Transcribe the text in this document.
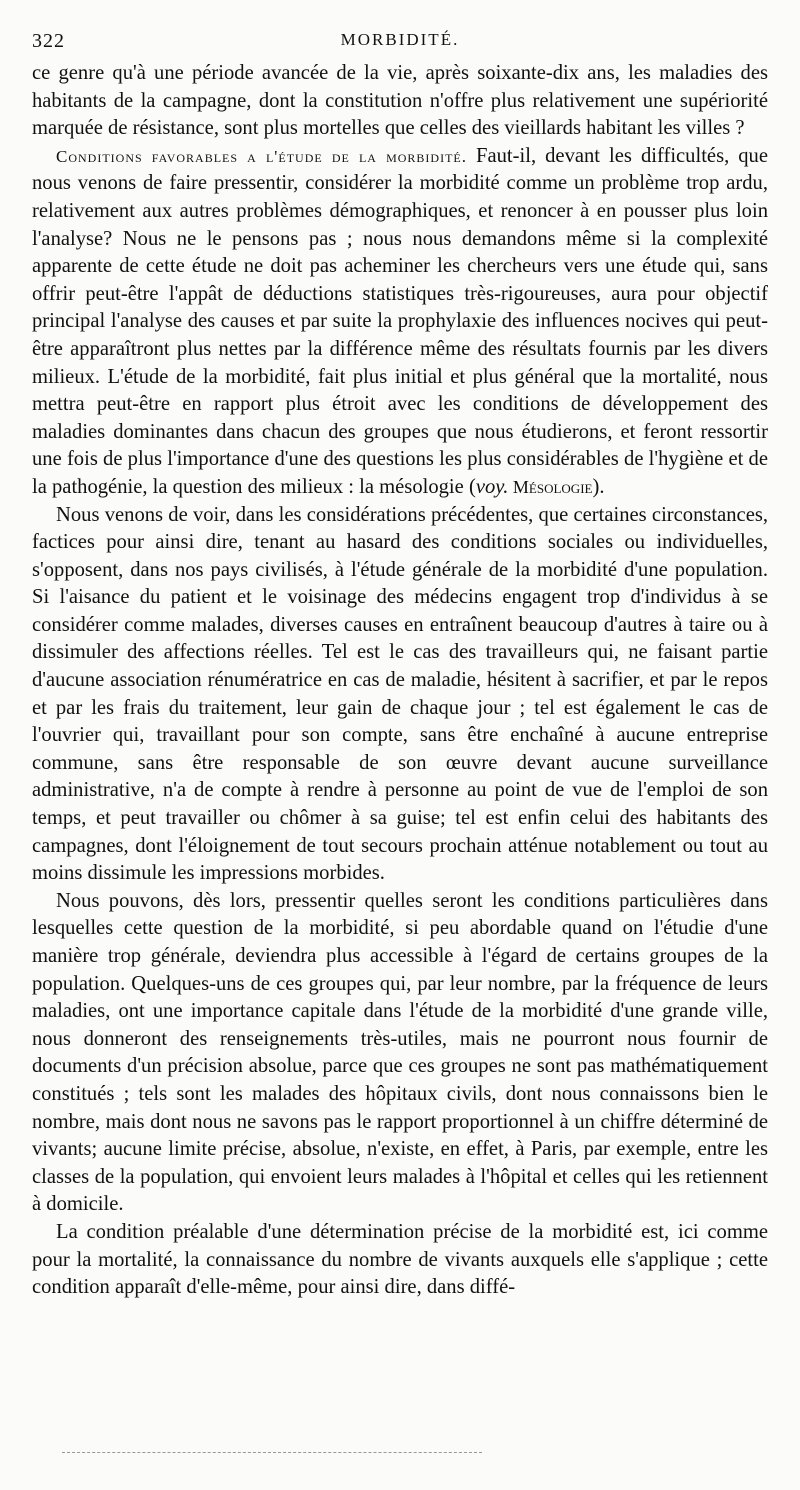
322	MORBIDITÉ.

ce genre qu'à une période avancée de la vie, après soixante-dix ans, les maladies des habitants de la campagne, dont la constitution n'offre plus relativement une supériorité marquée de résistance, sont plus mortelles que celles des vieillards habitant les villes ?

Conditions favorables a l'étude de la morbidité. Faut-il, devant les difficultés, que nous venons de faire pressentir, considérer la morbidité comme un problème trop ardu, relativement aux autres problèmes démographiques, et renoncer à en pousser plus loin l'analyse? Nous ne le pensons pas ; nous nous demandons même si la complexité apparente de cette étude ne doit pas acheminer les chercheurs vers une étude qui, sans offrir peut-être l'appât de déductions statistiques très-rigoureuses, aura pour objectif principal l'analyse des causes et par suite la prophylaxie des influences nocives qui peut-être apparaîtront plus nettes par la différence même des résultats fournis par les divers milieux. L'étude de la morbidité, fait plus initial et plus général que la mortalité, nous mettra peut-être en rapport plus étroit avec les conditions de développement des maladies dominantes dans chacun des groupes que nous étudierons, et feront ressortir une fois de plus l'importance d'une des questions les plus considérables de l'hygiène et de la pathogénie, la question des milieux : la mésologie (voy. Mésologie).

Nous venons de voir, dans les considérations précédentes, que certaines circonstances, factices pour ainsi dire, tenant au hasard des conditions sociales ou individuelles, s'opposent, dans nos pays civilisés, à l'étude générale de la morbidité d'une population. Si l'aisance du patient et le voisinage des médecins engagent trop d'individus à se considérer comme malades, diverses causes en entraînent beaucoup d'autres à taire ou à dissimuler des affections réelles. Tel est le cas des travailleurs qui, ne faisant partie d'aucune association rénumératrice en cas de maladie, hésitent à sacrifier, et par le repos et par les frais du traitement, leur gain de chaque jour ; tel est également le cas de l'ouvrier qui, travaillant pour son compte, sans être enchaîné à aucune entreprise commune, sans être responsable de son œuvre devant aucune surveillance administrative, n'a de compte à rendre à personne au point de vue de l'emploi de son temps, et peut travailler ou chômer à sa guise; tel est enfin celui des habitants des campagnes, dont l'éloignement de tout secours prochain atténue notablement ou tout au moins dissimule les impressions morbides.

Nous pouvons, dès lors, pressentir quelles seront les conditions particulières dans lesquelles cette question de la morbidité, si peu abordable quand on l'étudie d'une manière trop générale, deviendra plus accessible à l'égard de certains groupes de la population. Quelques-uns de ces groupes qui, par leur nombre, par la fréquence de leurs maladies, ont une importance capitale dans l'étude de la morbidité d'une grande ville, nous donneront des renseignements très-utiles, mais ne pourront nous fournir de documents d'un précision absolue, parce que ces groupes ne sont pas mathématiquement constitués ; tels sont les malades des hôpitaux civils, dont nous connaissons bien le nombre, mais dont nous ne savons pas le rapport proportionnel à un chiffre déterminé de vivants; aucune limite précise, absolue, n'existe, en effet, à Paris, par exemple, entre les classes de la population, qui envoient leurs malades à l'hôpital et celles qui les retiennent à domicile.

La condition préalable d'une détermination précise de la morbidité est, ici comme pour la mortalité, la connaissance du nombre de vivants auxquels elle s'applique ; cette condition apparaît d'elle-même, pour ainsi dire, dans diffé-
